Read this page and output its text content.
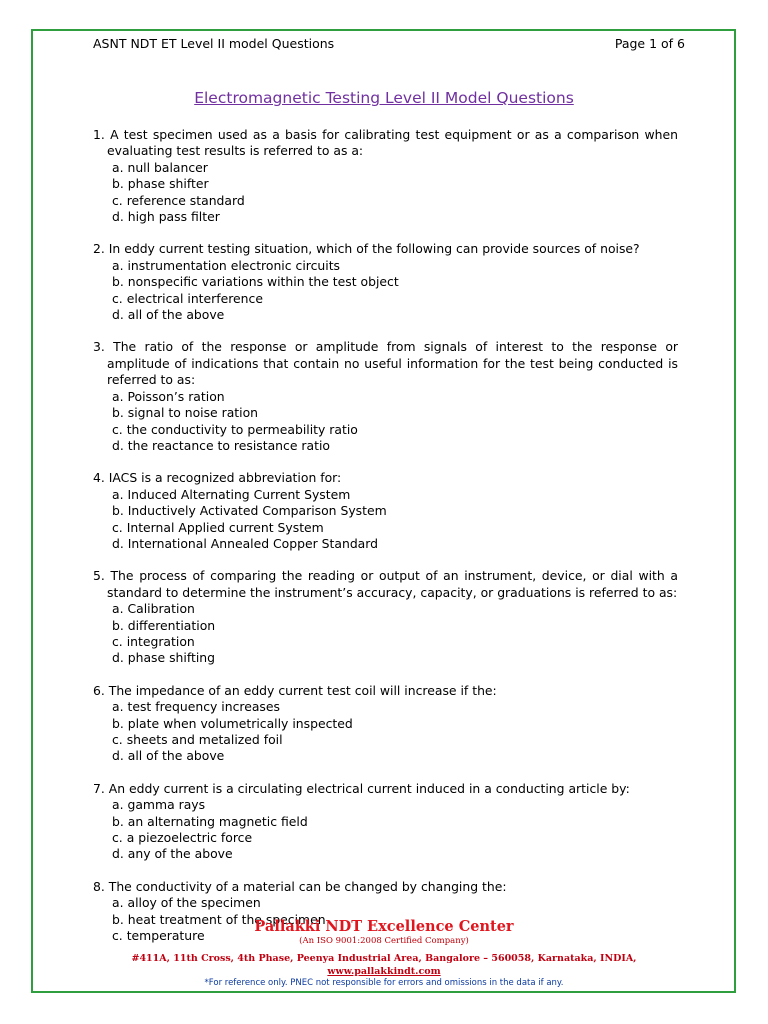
ASNT NDT ET Level II model Questions	Page 1 of 6
Electromagnetic Testing Level II Model Questions
1. A test specimen used as a basis for calibrating test equipment or as a comparison when evaluating test results is referred to as a:
a. null balancer
b. phase shifter
c. reference standard
d. high pass filter
2. In eddy current testing situation, which of the following can provide sources of noise?
a. instrumentation electronic circuits
b. nonspecific variations within the test object
c. electrical interference
d. all of the above
3. The ratio of the response or amplitude from signals of interest to the response or amplitude of indications that contain no useful information for the test being conducted is referred to as:
a. Poisson’s ration
b. signal to noise ration
c. the conductivity to permeability ratio
d. the reactance to resistance ratio
4. IACS is a recognized abbreviation for:
a. Induced Alternating Current System
b. Inductively Activated Comparison System
c. Internal Applied current System
d. International Annealed Copper Standard
5. The process of comparing the reading or output of an instrument, device, or dial with a standard to determine the instrument’s accuracy, capacity, or graduations is referred to as:
a. Calibration
b. differentiation
c. integration
d. phase shifting
6. The impedance of an eddy current test coil will increase if the:
a. test frequency increases
b. plate when volumetrically inspected
c. sheets and metalized foil
d. all of the above
7. An eddy current is a circulating electrical current induced in a conducting article by:
a. gamma rays
b. an alternating magnetic field
c. a piezoelectric force
d. any of the above
8. The conductivity of a material can be changed by changing the:
a. alloy of the specimen
b. heat treatment of the specimen
c. temperature
Pallakki NDT Excellence Center
(An ISO 9001:2008 Certified Company)
#411A, 11th Cross, 4th Phase, Peenya Industrial Area, Bangalore – 560058, Karnataka, INDIA,
www.pallakkindt.com
*For reference only. PNEC not responsible for errors and omissions in the data if any.
